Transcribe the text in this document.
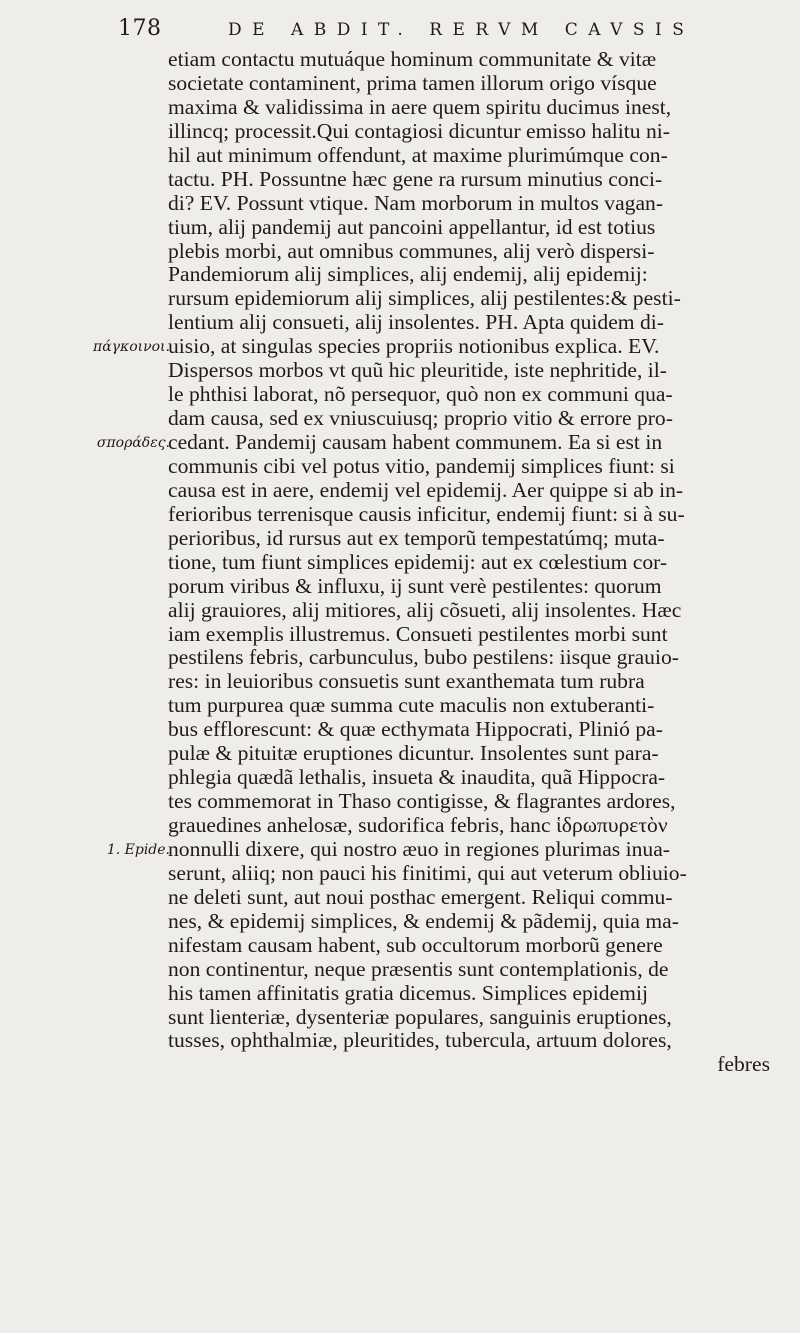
178	DE ABDIT. RERVM CAVSIS
πάγκοινοι.
σποράδες.
1. Epide.
etiam contactu mutuáque hominum communitate & vitæ
societate contaminent, prima tamen illorum origo vísque
maxima & validissima in aere quem spiritu ducimus inest,
illincq; processit.Qui contagiosi dicuntur emisso halitu ni-
hil aut minimum offendunt, at maxime plurimúmque con-
tactu. PH. Possuntne hæc gene ra rursum minutius conci-
di? EV. Possunt vtique. Nam morborum in multos vagan-
tium, alij pandemij aut pancoini appellantur, id est totius
plebis morbi, aut omnibus communes, alij verò dispersi-
Pandemiorum alij simplices, alij endemij, alij epidemij:
rursum epidemiorum alij simplices, alij pestilentes:& pesti-
lentium alij consueti, alij insolentes. PH. Apta quidem di-
uisio, at singulas species propriis notionibus explica. EV.
Dispersos morbos vt quũ hic pleuritide, iste nephritide, il-
le phthisi laborat, nõ persequor, quò non ex communi qua-
dam causa, sed ex vniuscuiusq; proprio vitio & errore pro-
cedant. Pandemij causam habent communem. Ea si est in
communis cibi vel potus vitio, pandemij simplices fiunt: si
causa est in aere, endemij vel epidemij. Aer quippe si ab in-
ferioribus terrenisque causis inficitur, endemij fiunt: si à su-
perioribus, id rursus aut ex temporũ tempestatúmq; muta-
tione, tum fiunt simplices epidemij: aut ex cœlestium cor-
porum viribus & influxu, ij sunt verè pestilentes: quorum
alij grauiores, alij mitiores, alij cõsueti, alij insolentes. Hæc
iam exemplis illustremus. Consueti pestilentes morbi sunt
pestilens febris, carbunculus, bubo pestilens: iisque grauio-
res: in leuioribus consuetis sunt exanthemata tum rubra
tum purpurea quæ summa cute maculis non extuberanti-
bus efflorescunt: & quæ ecthymata Hippocrati, Plinió pa-
pulæ & pituitæ eruptiones dicuntur. Insolentes sunt para-
phlegia quædã lethalis, insueta & inaudita, quã Hippocra-
tes commemorat in Thaso contigisse, & flagrantes ardores,
grauedines anhelosæ, sudorifica febris, hanc ἱδρωπυρετὸν
nonnulli dixere, qui nostro æuo in regiones plurimas inua-
serunt, aliiq; non pauci his finitimi, qui aut veterum obliuio-
ne deleti sunt, aut noui posthac emergent. Reliqui commu-
nes, & epidemij simplices, & endemij & pãdemij, quia ma-
nifestam causam habent, sub occultorum morborũ genere
non continentur, neque præsentis sunt contemplationis, de
his tamen affinitatis gratia dicemus. Simplices epidemij
sunt lienteriæ, dysenteriæ populares, sanguinis eruptiones,
tusses, ophthalmiæ, pleuritides, tubercula, artuum dolores,
febres
